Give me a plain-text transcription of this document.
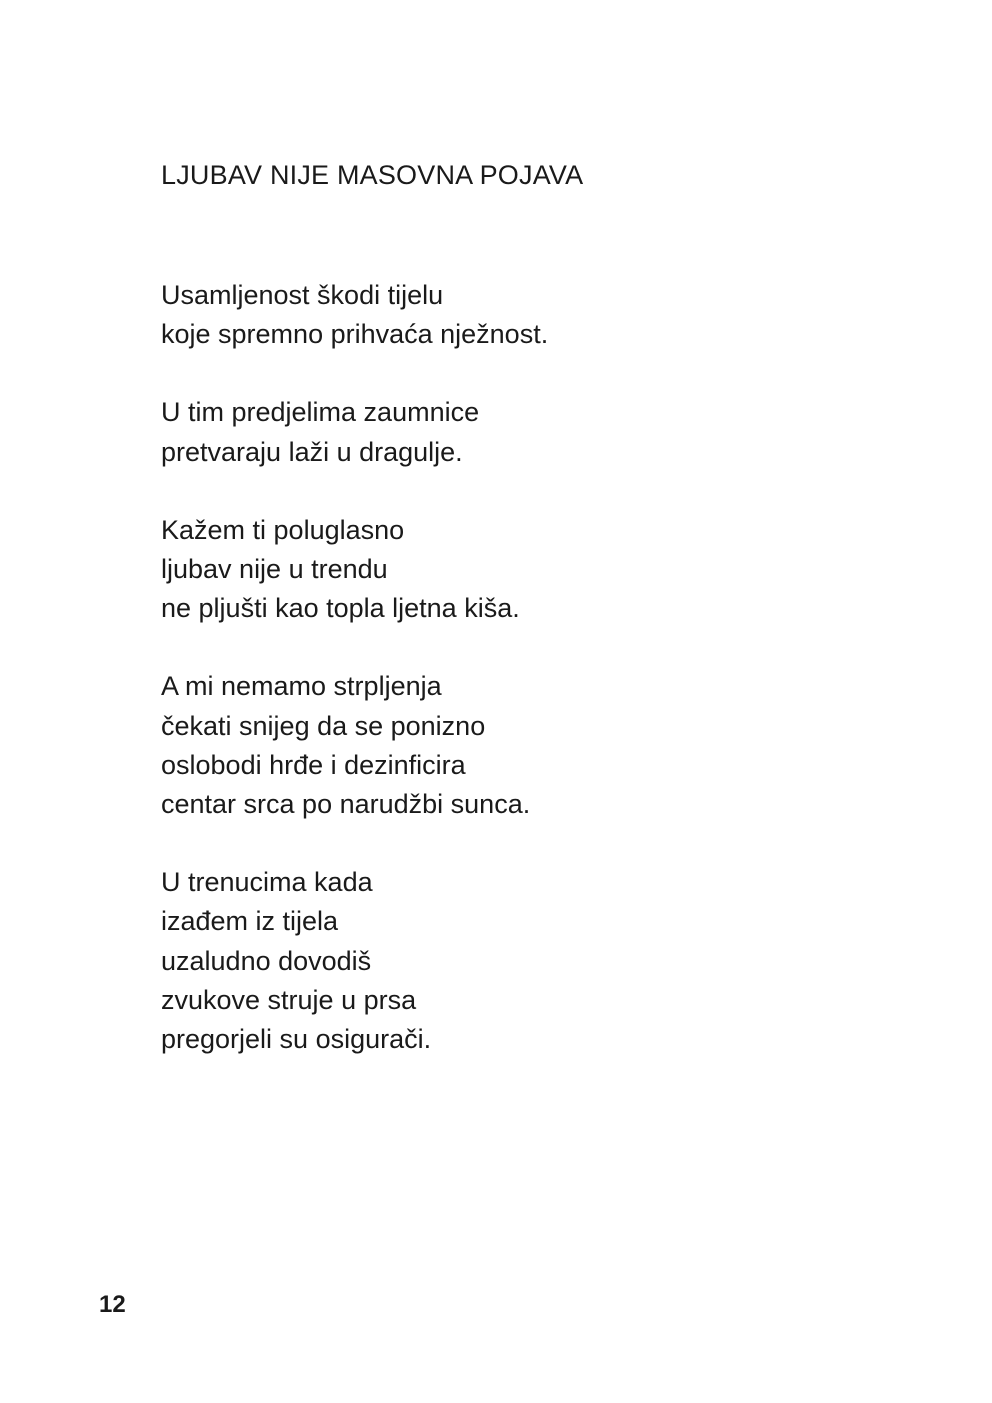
LJUBAV NIJE MASOVNA POJAVA
Usamljenost škodi tijelu
koje spremno prihvaća nježnost.
U tim predjelima zaumnice
pretvaraju laži u dragulje.
Kažem ti poluglasno
ljubav nije u trendu
ne pljušti kao topla ljetna kiša.
A mi nemamo strpljenja
čekati snijeg da se ponizno
oslobodi hrđe i dezinficira
centar srca po narudžbi sunca.
U trenucima kada
izađem iz tijela
uzaludno dovodiš
zvukove struje u prsa
pregorjeli su osigurači.
12
